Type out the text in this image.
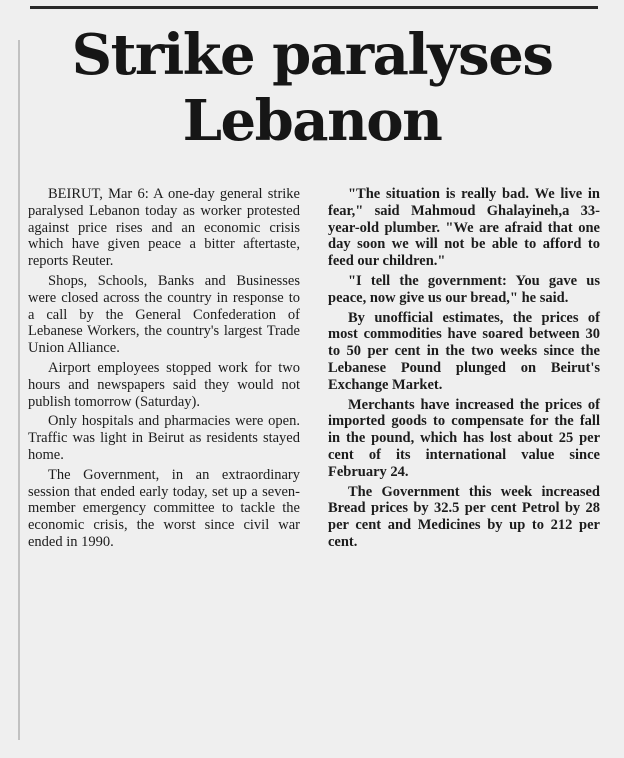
Strike paralyses
Lebanon

BEIRUT, Mar 6: A one-day general strike paralysed Lebanon today as worker protested against price rises and an economic crisis which have given peace a bitter aftertaste, reports Reuter.

Shops, Schools, Banks and Businesses were closed across the country in response to a call by the General Confederation of Lebanese Workers, the country's largest Trade Union Alliance.

Airport employees stopped work for two hours and newspapers said they would not publish tomorrow (Saturday).

Only hospitals and pharmacies were open. Traffic was light in Beirut as residents stayed home.

The Government, in an extraordinary session that ended early today, set up a seven-member emergency committee to tackle the economic crisis, the worst since civil war ended in 1990.

"The situation is really bad. We live in fear," said Mahmoud Ghalayineh,a 33-year-old plumber. "We are afraid that one day soon we will not be able to afford to feed our children."

"I tell the government: You gave us peace, now give us our bread," he said.

By unofficial estimates, the prices of most commodities have soared between 30 to 50 per cent in the two weeks since the Lebanese Pound plunged on Beirut's Exchange Market.

Merchants have increased the prices of imported goods to compensate for the fall in the pound, which has lost about 25 per cent of its international value since February 24.

The Government this week increased Bread prices by 32.5 per cent Petrol by 28 per cent and Medicines by up to 212 per cent.
